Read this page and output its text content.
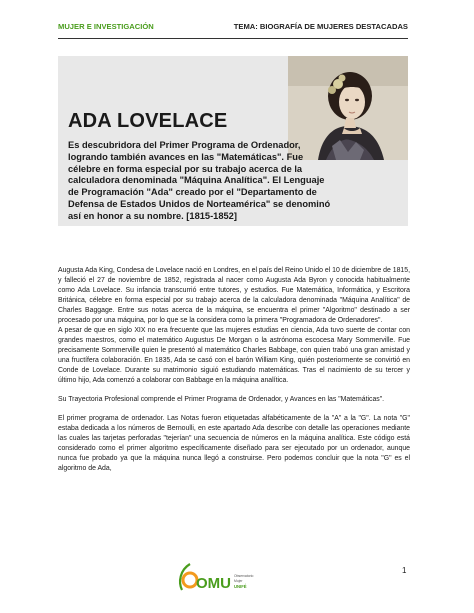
MUJER E INVESTIGACIÓN	TEMA: BIOGRAFÍA DE MUJERES DESTACADAS
ADA LOVELACE

Es descubridora del Primer Programa de Ordenador, logrando también avances en las "Matemáticas". Fue célebre en forma especial por su trabajo acerca de la calculadora denominada "Máquina Analítica". El Lenguaje de Programación "Ada" creado por el "Departamento de Defensa de Estados Unidos de Norteamérica" se denominó así en honor a su nombre. [1815-1852]

Augusta Ada King, Condesa de Lovelace nació en Londres, en el país del Reino Unido el 10 de diciembre de 1815, y falleció el 27 de noviembre de 1852, registrada al nacer como Augusta Ada Byron y conocida habitualmente como Ada Lovelace. Su infancia transcurrió entre tutores, y estudios. Fue Matemática, Informática, y Escritora Británica, célebre en forma especial por su trabajo acerca de la calculadora denominada "Máquina Analítica" de Charles Baggage. Entre sus notas acerca de la máquina, se encuentra el primer "Algoritmo" destinado a ser procesado por una máquina, por lo que se la considera como la primera "Programadora de Ordenadores".

A pesar de que en siglo XIX no era frecuente que las mujeres estudias en ciencia, Ada tuvo suerte de contar con grandes maestros, como el matemático Augustus De Morgan o la astrónoma escocesa Mary Sommerville. Fue precisamente Sommerville quien le presentó al matemático Charles Babbage, con quien trabó una gran amistad y una fructífera colaboración. En 1835, Ada se casó con el barón William King, quién posteriormente se convirtió en Conde de Lovelace. Durante su matrimonio siguió estudiando matemáticas. Tras el nacimiento de su tercer y último hijo, Ada comenzó a colaborar con Babbage en la máquina analítica.

Su Trayectoria Profesional comprende el Primer Programa de Ordenador, y Avances en las "Matemáticas".

El primer programa de ordenador. Las Notas fueron etiquetadas alfabéticamente de la "A" a la "G". La nota "G" estaba dedicada a los números de Bernoulli, en este apartado Ada describe con detalle las operaciones mediante las cuales las tarjetas perforadas "tejerían" una secuencia de números en la máquina analítica. Este código está considerado como el primer algoritmo específicamente diseñado para ser ejecutado por un ordenador, aunque nunca fue probado ya que la máquina nunca llegó a construirse. Pero podemos concluir que la nota "G" es el algoritmo de Ada,

OMU Observatorio
Mujer
UNIFÉ
1
